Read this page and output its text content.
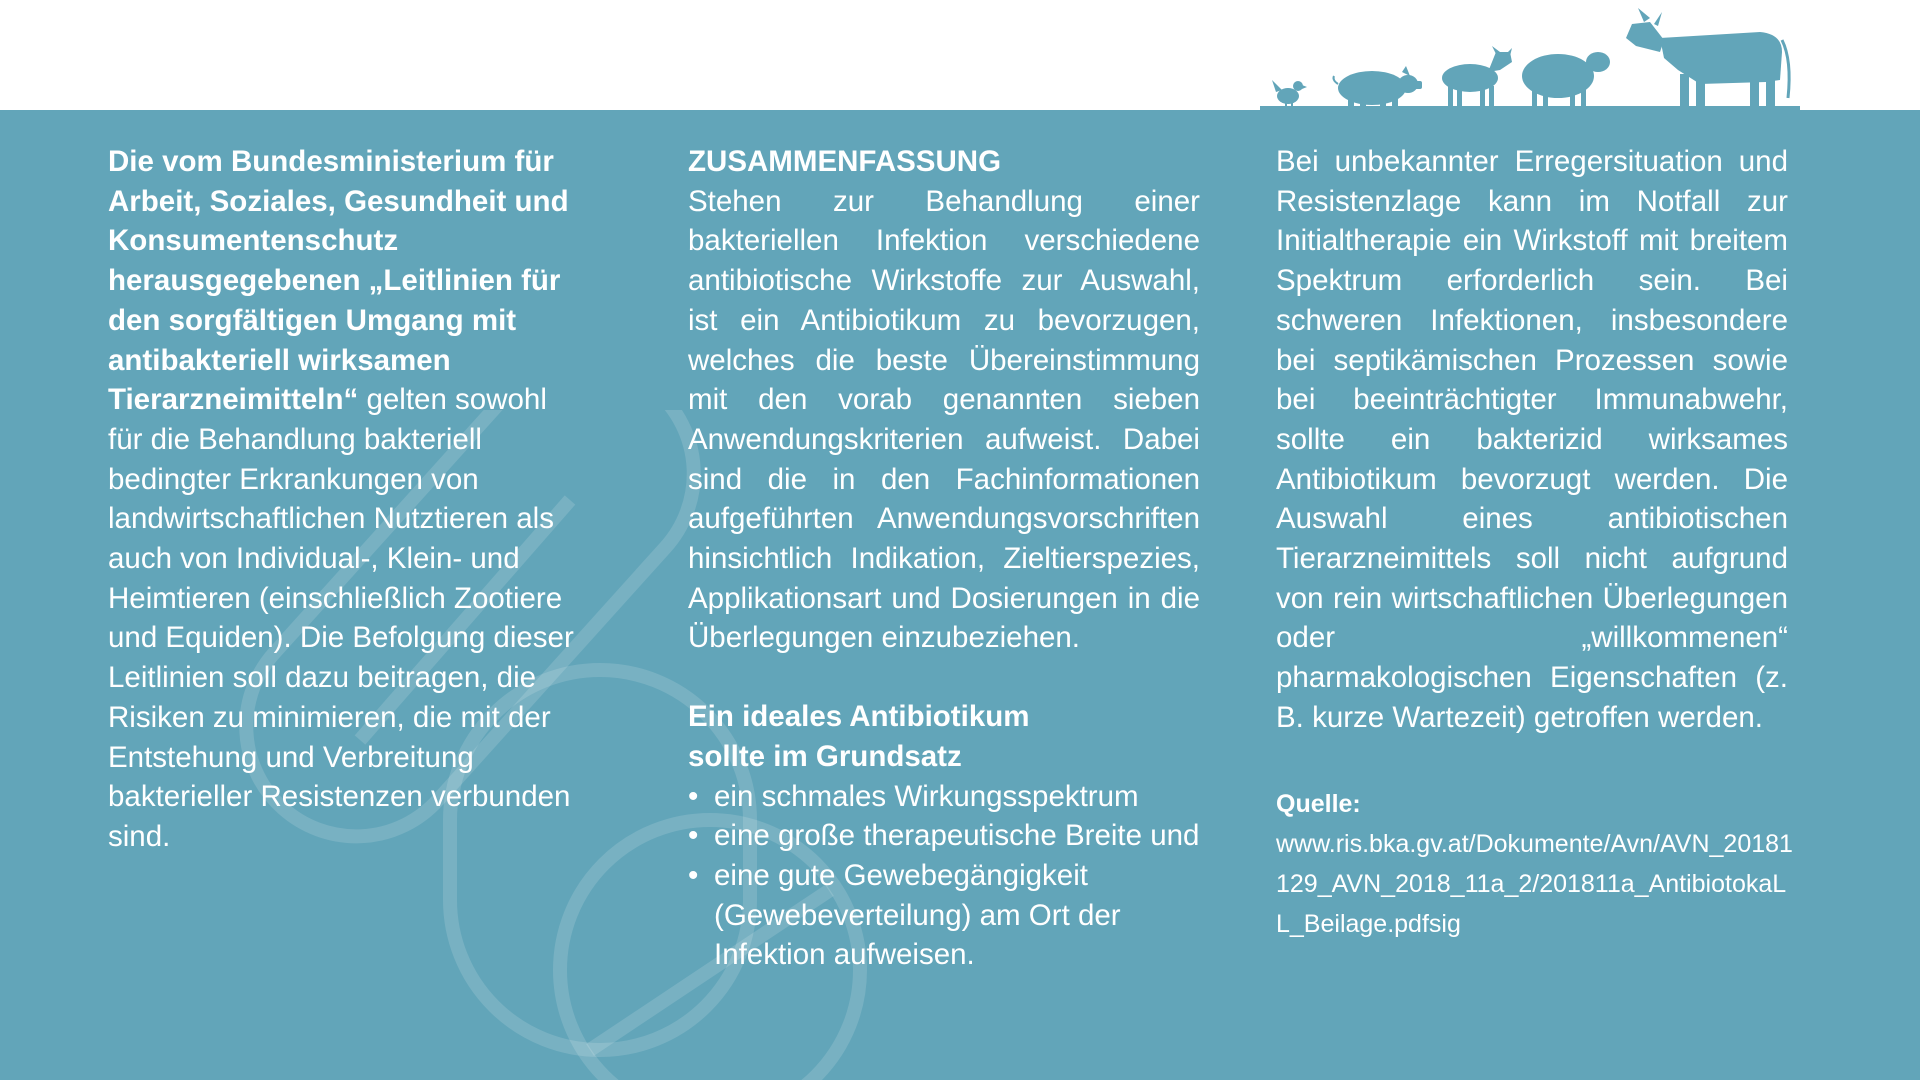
Die vom Bundesministerium für Arbeit, Soziales, Gesundheit und Konsumentenschutz herausgegebenen „Leitlinien für den sorgfältigen Umgang mit antibakteriell wirksamen Tierarzneimitteln“ gelten sowohl für die Behandlung bakteriell bedingter Erkrankungen von landwirtschaftlichen Nutztieren als auch von Individual-, Klein- und Heimtieren (einschließlich Zootiere und Equiden). Die Befolgung dieser Leitlinien soll dazu beitragen, die Risiken zu minimieren, die mit der Entstehung und Verbreitung bakterieller Resistenzen verbunden sind.

ZUSAMMENFASSUNG

Stehen zur Behandlung einer bakteriellen Infektion verschiedene antibiotische Wirkstoffe zur Auswahl, ist ein Antibiotikum zu bevorzugen, welches die beste Übereinstimmung mit den vorab genannten sieben Anwendungskriterien aufweist. Dabei sind die in den Fachinformationen aufgeführten Anwendungsvorschriften hinsichtlich Indikation, Zieltierspezies, Applikationsart und Dosierungen in die Überlegungen einzubeziehen.

Ein ideales Antibiotikum

sollte im Grundsatz

• ein schmales Wirkungsspektrum
• eine große therapeutische Breite und
• eine gute Gewebegängigkeit (Gewebeverteilung) am Ort der Infektion aufweisen.

Bei unbekannter Erregersituation und Resistenzlage kann im Notfall zur Initialtherapie ein Wirkstoff mit breitem Spektrum erforderlich sein. Bei schweren Infektionen, insbesondere bei septikämischen Prozessen sowie bei beeinträchtigter Immunabwehr, sollte ein bakterizid wirksames Antibiotikum bevorzugt werden. Die Auswahl eines antibiotischen Tierarzneimittels soll nicht aufgrund von rein wirtschaftlichen Überlegungen oder „willkommenen“ pharmakologischen Eigenschaften (z. B. kurze Wartezeit) getroffen werden.

Quelle:
www.ris.bka.gv.at/Dokumente/Avn/AVN_20181129_AVN_2018_11a_2/201811a_AntibiotokaLL_Beilage.pdfsig
